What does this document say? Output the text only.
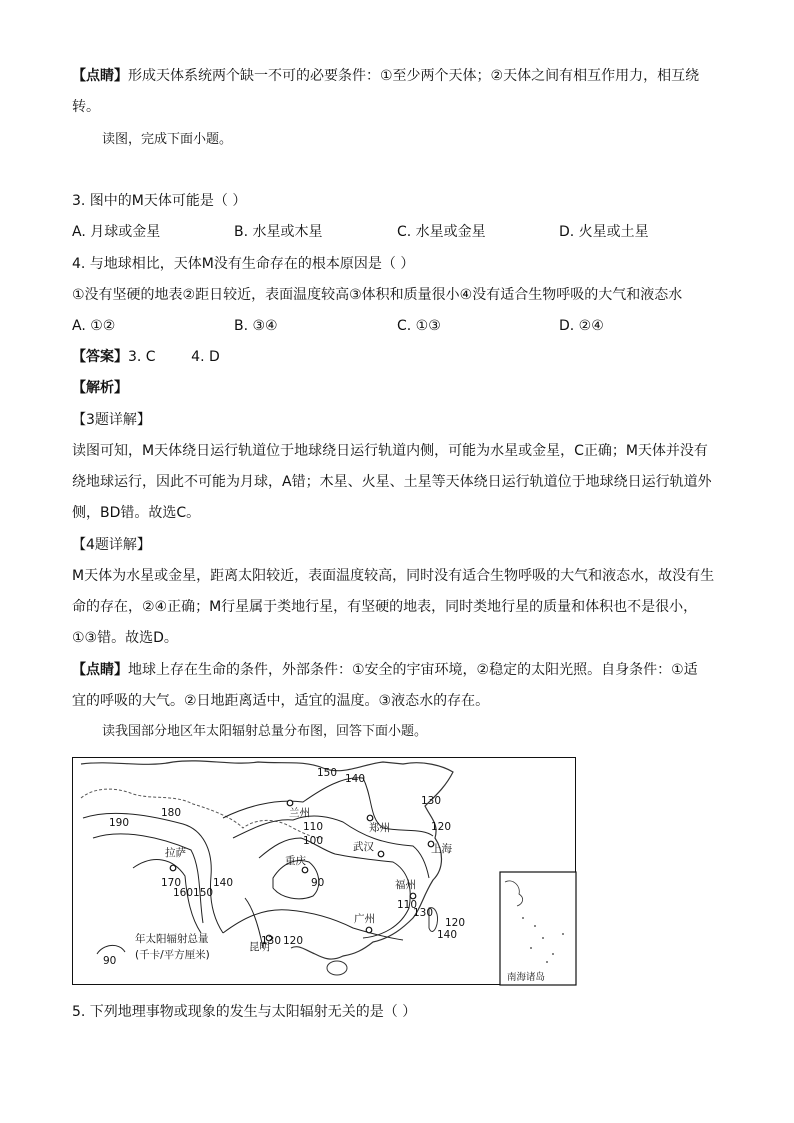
【点睛】形成天体系统两个缺一不可的必要条件：①至少两个天体；②天体之间有相互作用力，相互绕
转。
读图，完成下面小题。
3. 图中的M天体可能是（ ）
A. 月球或金星	B. 水星或木星	C. 水星或金星	D. 火星或土星
4. 与地球相比，天体M没有生命存在的根本原因是（ ）
①没有坚硬的地表②距日较近，表面温度较高③体积和质量很小④没有适合生物呼吸的大气和液态水
A. ①②	B. ③④	C. ①③	D. ②④
【答案】3. C        4. D
【解析】
【3题详解】
读图可知，M天体绕日运行轨道位于地球绕日运行轨道内侧，可能为水星或金星，C正确；M天体并没有
绕地球运行，因此不可能为月球，A错；木星、火星、土星等天体绕日运行轨道位于地球绕日运行轨道外
侧，BD错。故选C。
【4题详解】
M天体为水星或金星，距离太阳较近，表面温度较高，同时没有适合生物呼吸的大气和液态水，故没有生
命的存在，②④正确；M行星属于类地行星，有坚硬的地表，同时类地行星的质量和体积也不是很小，
①③错。故选D。
【点睛】地球上存在生命的条件，外部条件：①安全的宇宙环境，②稳定的太阳光照。自身条件：①适
宜的呼吸的大气。②日地距离适中，适宜的温度。③液态水的存在。
读我国部分地区年太阳辐射总量分布图，回答下面小题。
兰州
郑州
拉萨
重庆
武汉	上海
福州
昆明
广州
150 140
130
120
180
190	110
100
90
170
160150
140
110
130
120
140
130 120
90
年太阳辐射总量
(千卡/平方厘米)
南海诸岛
5. 下列地理事物或现象的发生与太阳辐射无关的是（ ）
